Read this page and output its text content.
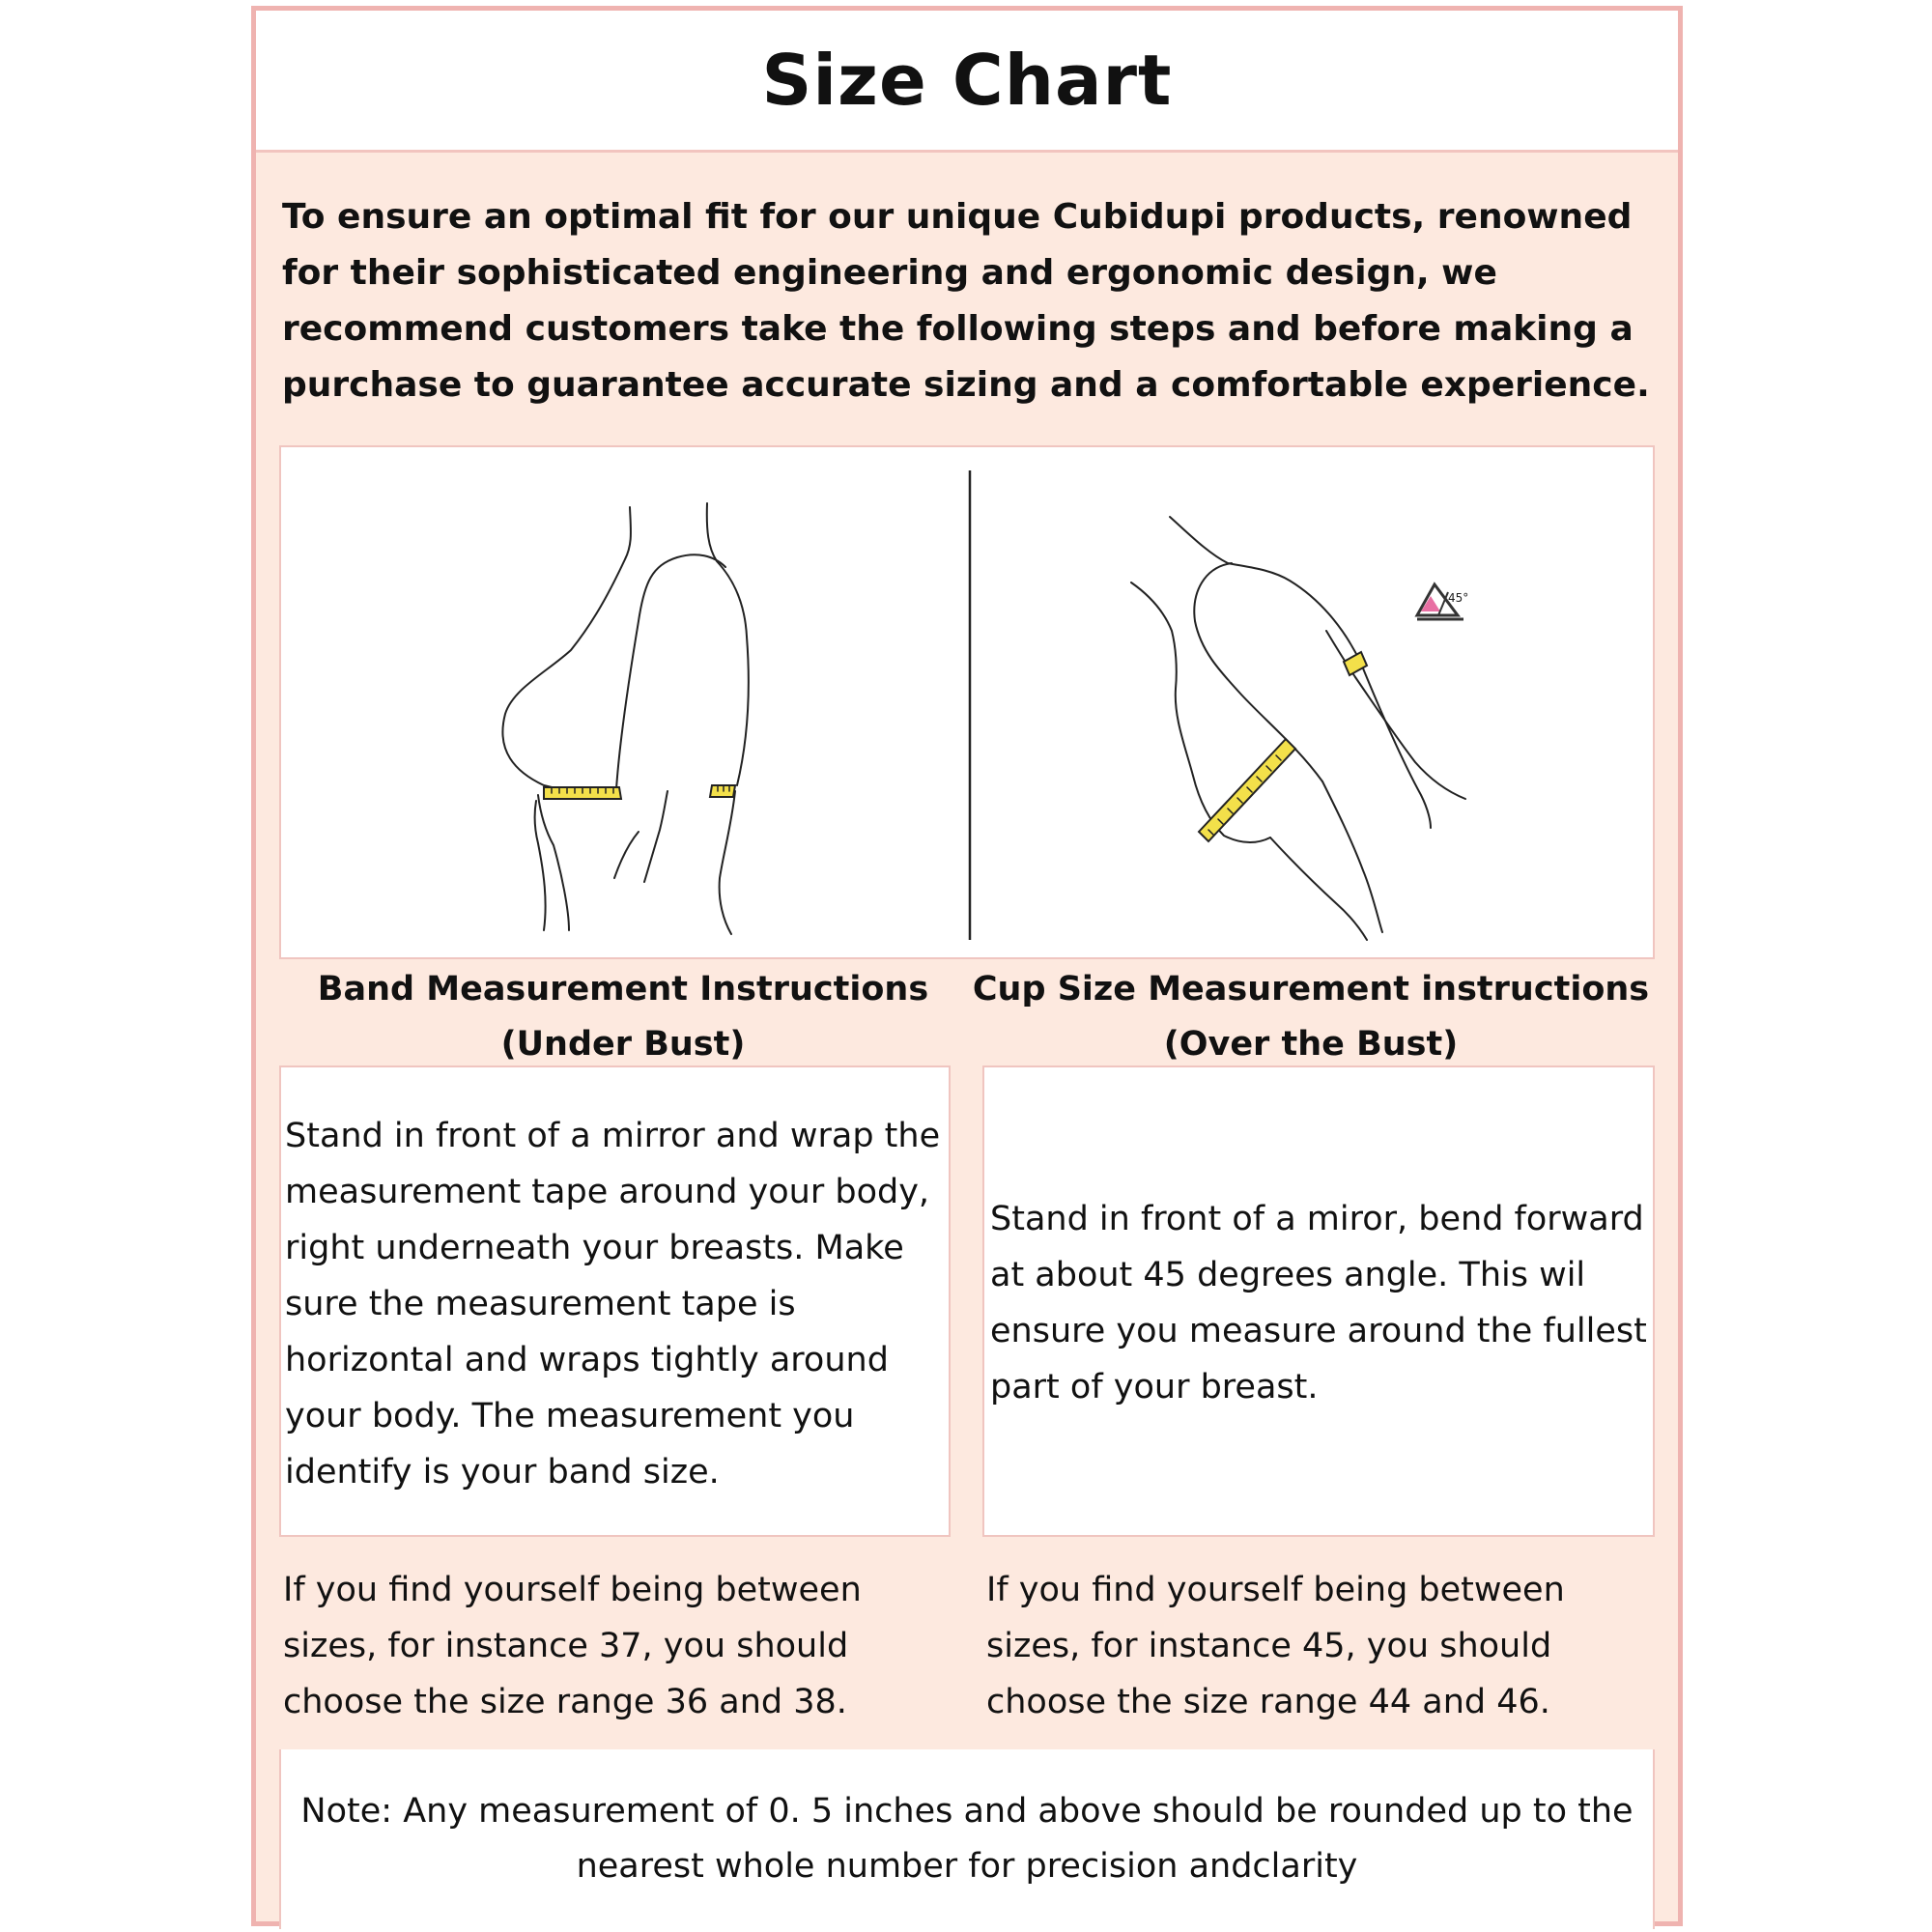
Size Chart

To ensure an optimal fit for our unique Cubidupi products, renowned for their sophisticated engineering and ergonomic design, we recommend customers take the following steps and before making a purchase to guarantee accurate sizing and a comfortable experience.

45°
Band Measurement Instructions
(Under Bust)
Cup Size Measurement instructions
(Over the Bust)

Stand in front of a mirror and wrap the measurement tape around your body, right underneath your breasts. Make sure the measurement tape is horizontal and wraps tightly around your body. The measurement you identify is your band size.

Stand in front of a miror, bend forward at about 45 degrees angle. This wil ensure you measure around the fullest part of your breast.

If you find yourself being between sizes, for instance 37, you should choose the size range 36 and 38.

If you find yourself being between sizes, for instance 45, you should choose the size range 44 and 46.

Note: Any measurement of 0. 5 inches and above should be rounded up to the
nearest whole number for precision andclarity
